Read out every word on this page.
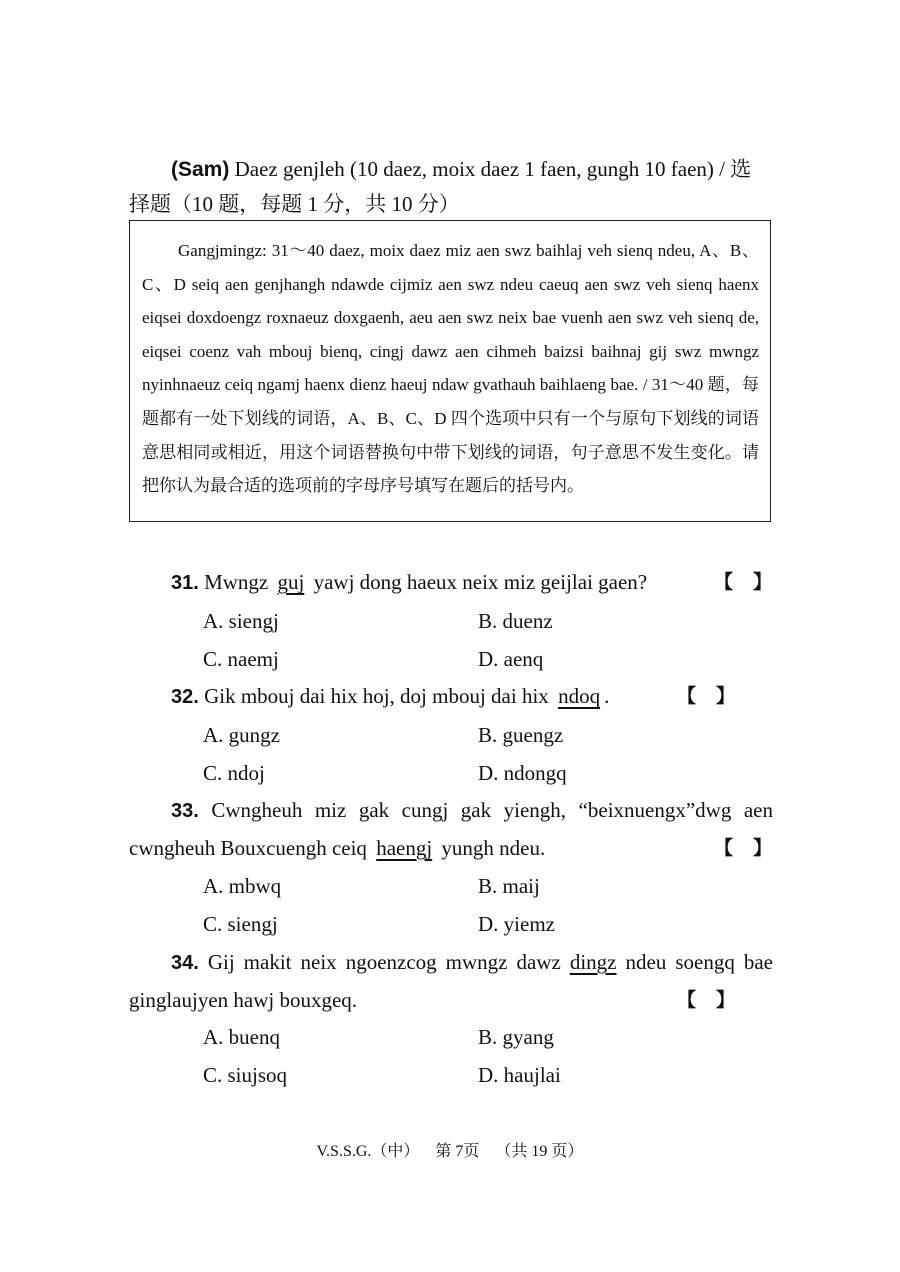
(Sam) Daez genjleh (10 daez, moix daez 1 faen, gungh 10 faen) / 选
择题（10 题，每题 1 分，共 10 分）
Gangjmingz: 31～40 daez, moix daez miz aen swz baihlaj veh sienq ndeu, A、B、C、D seiq aen genjhangh ndawde cijmiz aen swz ndeu caeuq aen swz veh sienq haenx eiqsei doxdoengz roxnaeuz doxgaenh, aeu aen swz neix bae vuenh aen swz veh sienq de, eiqsei coenz vah mbouj bienq, cingj dawz aen cihmeh baizsi baihnaj gij swz mwngz nyinhnaeuz ceiq ngamj haenx dienz haeuj ndaw gvathauh baihlaeng bae. / 31～40 题，每题都有一处下划线的词语，A、B、C、D 四个选项中只有一个与原句下划线的词语意思相同或相近，用这个词语替换句中带下划线的词语，句子意思不发生变化。请把你认为最合适的选项前的字母序号填写在题后的括号内。
31. Mwngz guj yawj dong haeux neix miz geijlai gaen?	【】
A. siengj	B. duenz
C. naemj	D. aenq
32. Gik mbouj dai hix hoj, doj mbouj dai hix ndoq .	【】
A. gungz	B. guengz
C. ndoj	D. ndongq
33. Cwngheuh miz gak cungj gak yiengh, “beixnuengx”dwg aen
cwngheuh Bouxcuengh ceiq haengj yungh ndeu.	【】
A. mbwq	B. maij
C. siengj	D. yiemz
34. Gij makit neix ngoenzcog mwngz dawz dingz ndeu soengq bae
ginglaujyen hawj bouxgeq.	【】
A. buenq	B. gyang
C. siujsoq	D. haujlai
V.S.S.G.（中） 第 7页 （共 19 页）
